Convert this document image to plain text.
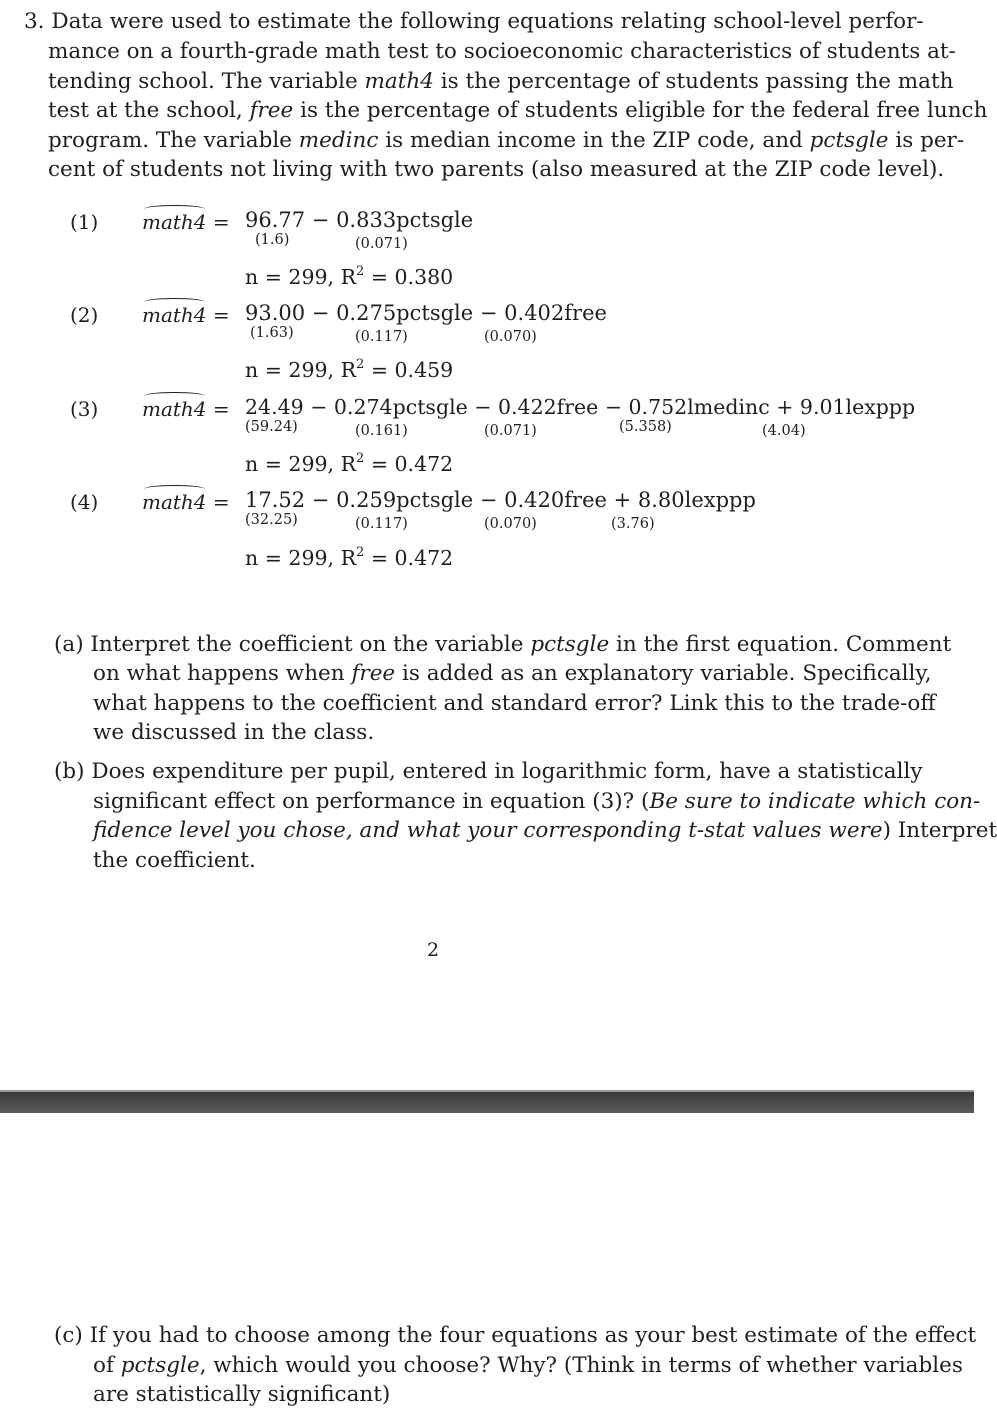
3. Data were used to estimate the following equations relating school-level perfor-
mance on a fourth-grade math test to socioeconomic characteristics of students at-
tending school. The variable math4 is the percentage of students passing the math
test at the school, free is the percentage of students eligible for the federal free lunch
program. The variable medinc is median income in the ZIP code, and pctsgle is per-
cent of students not living with two parents (also measured at the ZIP code level).
(1) math4 = 96.77 − 0.833pctsgle
(1.6)	(0.071)
n = 299, $R^2 = 0.380$
(2) math4 = 93.00 − 0.275pctsgle − 0.402free
(1.63)	(0.117)	(0.070)
n = 299, $R^2 = 0.459$
(3) math4 = 24.49 − 0.274pctsgle − 0.422free − 0.752lmedinc + 9.01lexppp
(59.24)	(0.161)	(0.071)	(5.358)	(4.04)
n = 299, $R^2 = 0.472$
(4) math4 = 17.52 − 0.259pctsgle − 0.420free + 8.80lexppp
(32.25)	(0.117)	(0.070)	(3.76)
n = 299, $R^2 = 0.472$
(a) Interpret the coefficient on the variable pctsgle in the first equation. Comment
on what happens when free is added as an explanatory variable. Specifically,
what happens to the coefficient and standard error? Link this to the trade-off
we discussed in the class.
(b) Does expenditure per pupil, entered in logarithmic form, have a statistically
significant effect on performance in equation (3)? (Be sure to indicate which con-
fidence level you chose, and what your corresponding t-stat values were) Interpret
the coefficient.
2
(c) If you had to choose among the four equations as your best estimate of the effect
of pctsgle, which would you choose? Why? (Think in terms of whether variables
are statistically significant)
